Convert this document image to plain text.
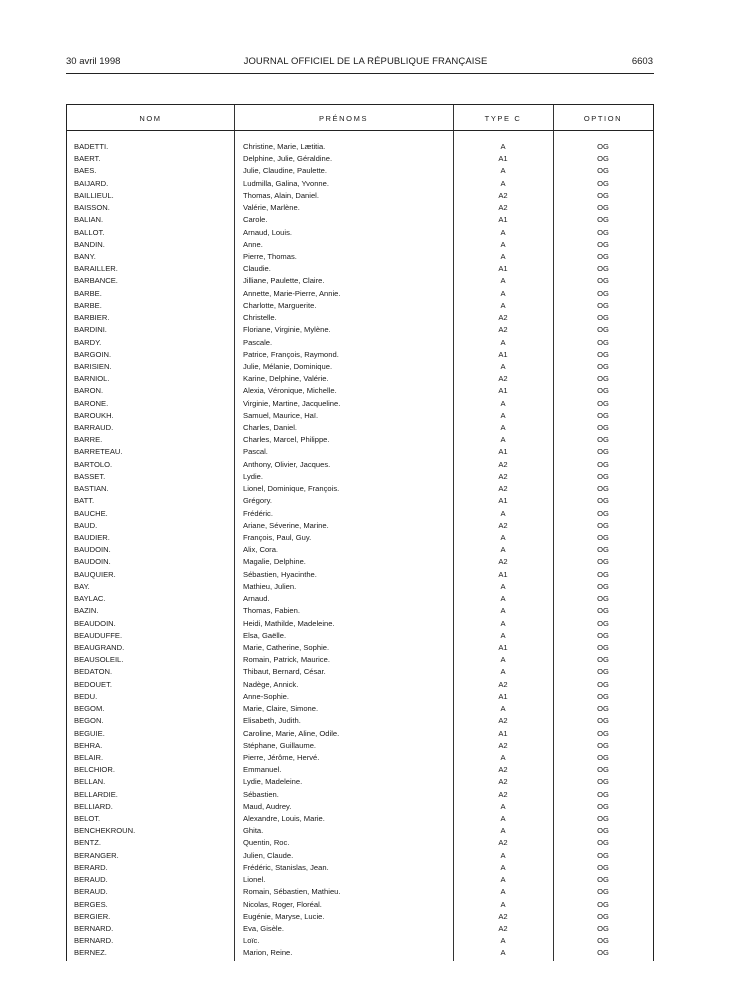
30 avril 1998	JOURNAL OFFICIEL DE LA RÉPUBLIQUE FRANÇAISE	6603
NOM	PRÉNOMS	TYPE C	OPTION
BADETTI.	Christine, Marie, Lætitia.	A	OG
BAERT.	Delphine, Julie, Géraldine.	A1	OG
BAES.	Julie, Claudine, Paulette.	A	OG
BAIJARD.	Ludmilla, Galina, Yvonne.	A	OG
BAILLIEUL.	Thomas, Alain, Daniel.	A2	OG
BAISSON.	Valérie, Marlène.	A2	OG
BALIAN.	Carole.	A1	OG
BALLOT.	Arnaud, Louis.	A	OG
BANDIN.	Anne.	A	OG
BANY.	Pierre, Thomas.	A	OG
BARAILLER.	Claudie.	A1	OG
BARBANCE.	Jilliane, Paulette, Claire.	A	OG
BARBE.	Annette, Marie-Pierre, Annie.	A	OG
BARBE.	Charlotte, Marguerite.	A	OG
BARBIER.	Christelle.	A2	OG
BARDINI.	Floriane, Virginie, Mylène.	A2	OG
BARDY.	Pascale.	A	OG
BARGOIN.	Patrice, François, Raymond.	A1	OG
BARISIEN.	Julie, Mélanie, Dominique.	A	OG
BARNIOL.	Karine, Delphine, Valérie.	A2	OG
BARON.	Alexia, Véronique, Michelle.	A1	OG
BARONE.	Virginie, Martine, Jacqueline.	A	OG
BAROUKH.	Samuel, Maurice, Haï.	A	OG
BARRAUD.	Charles, Daniel.	A	OG
BARRE.	Charles, Marcel, Philippe.	A	OG
BARRETEAU.	Pascal.	A1	OG
BARTOLO.	Anthony, Olivier, Jacques.	A2	OG
BASSET.	Lydie.	A2	OG
BASTIAN.	Lionel, Dominique, François.	A2	OG
BATT.	Grégory.	A1	OG
BAUCHE.	Frédéric.	A	OG
BAUD.	Ariane, Séverine, Marine.	A2	OG
BAUDIER.	François, Paul, Guy.	A	OG
BAUDOIN.	Alix, Cora.	A	OG
BAUDOIN.	Magalie, Delphine.	A2	OG
BAUQUIER.	Sébastien, Hyacinthe.	A1	OG
BAY.	Mathieu, Julien.	A	OG
BAYLAC.	Arnaud.	A	OG
BAZIN.	Thomas, Fabien.	A	OG
BEAUDOIN.	Heidi, Mathilde, Madeleine.	A	OG
BEAUDUFFE.	Elsa, Gaëlle.	A	OG
BEAUGRAND.	Marie, Catherine, Sophie.	A1	OG
BEAUSOLEIL.	Romain, Patrick, Maurice.	A	OG
BEDATON.	Thibaut, Bernard, César.	A	OG
BEDOUET.	Nadège, Annick.	A2	OG
BEDU.	Anne-Sophie.	A1	OG
BEGOM.	Marie, Claire, Simone.	A	OG
BEGON.	Elisabeth, Judith.	A2	OG
BEGUIE.	Caroline, Marie, Aline, Odile.	A1	OG
BEHRA.	Stéphane, Guillaume.	A2	OG
BELAIR.	Pierre, Jérôme, Hervé.	A	OG
BELCHIOR.	Emmanuel.	A2	OG
BELLAN.	Lydie, Madeleine.	A2	OG
BELLARDIE.	Sébastien.	A2	OG
BELLIARD.	Maud, Audrey.	A	OG
BELOT.	Alexandre, Louis, Marie.	A	OG
BENCHEKROUN.	Ghita.	A	OG
BENTZ.	Quentin, Roc.	A2	OG
BERANGER.	Julien, Claude.	A	OG
BERARD.	Frédéric, Stanislas, Jean.	A	OG
BERAUD.	Lionel.	A	OG
BERAUD.	Romain, Sébastien, Mathieu.	A	OG
BERGES.	Nicolas, Roger, Floréal.	A	OG
BERGIER.	Eugénie, Maryse, Lucie.	A2	OG
BERNARD.	Eva, Gisèle.	A2	OG
BERNARD.	Loïc.	A	OG
BERNEZ.	Marion, Reine.	A	OG
